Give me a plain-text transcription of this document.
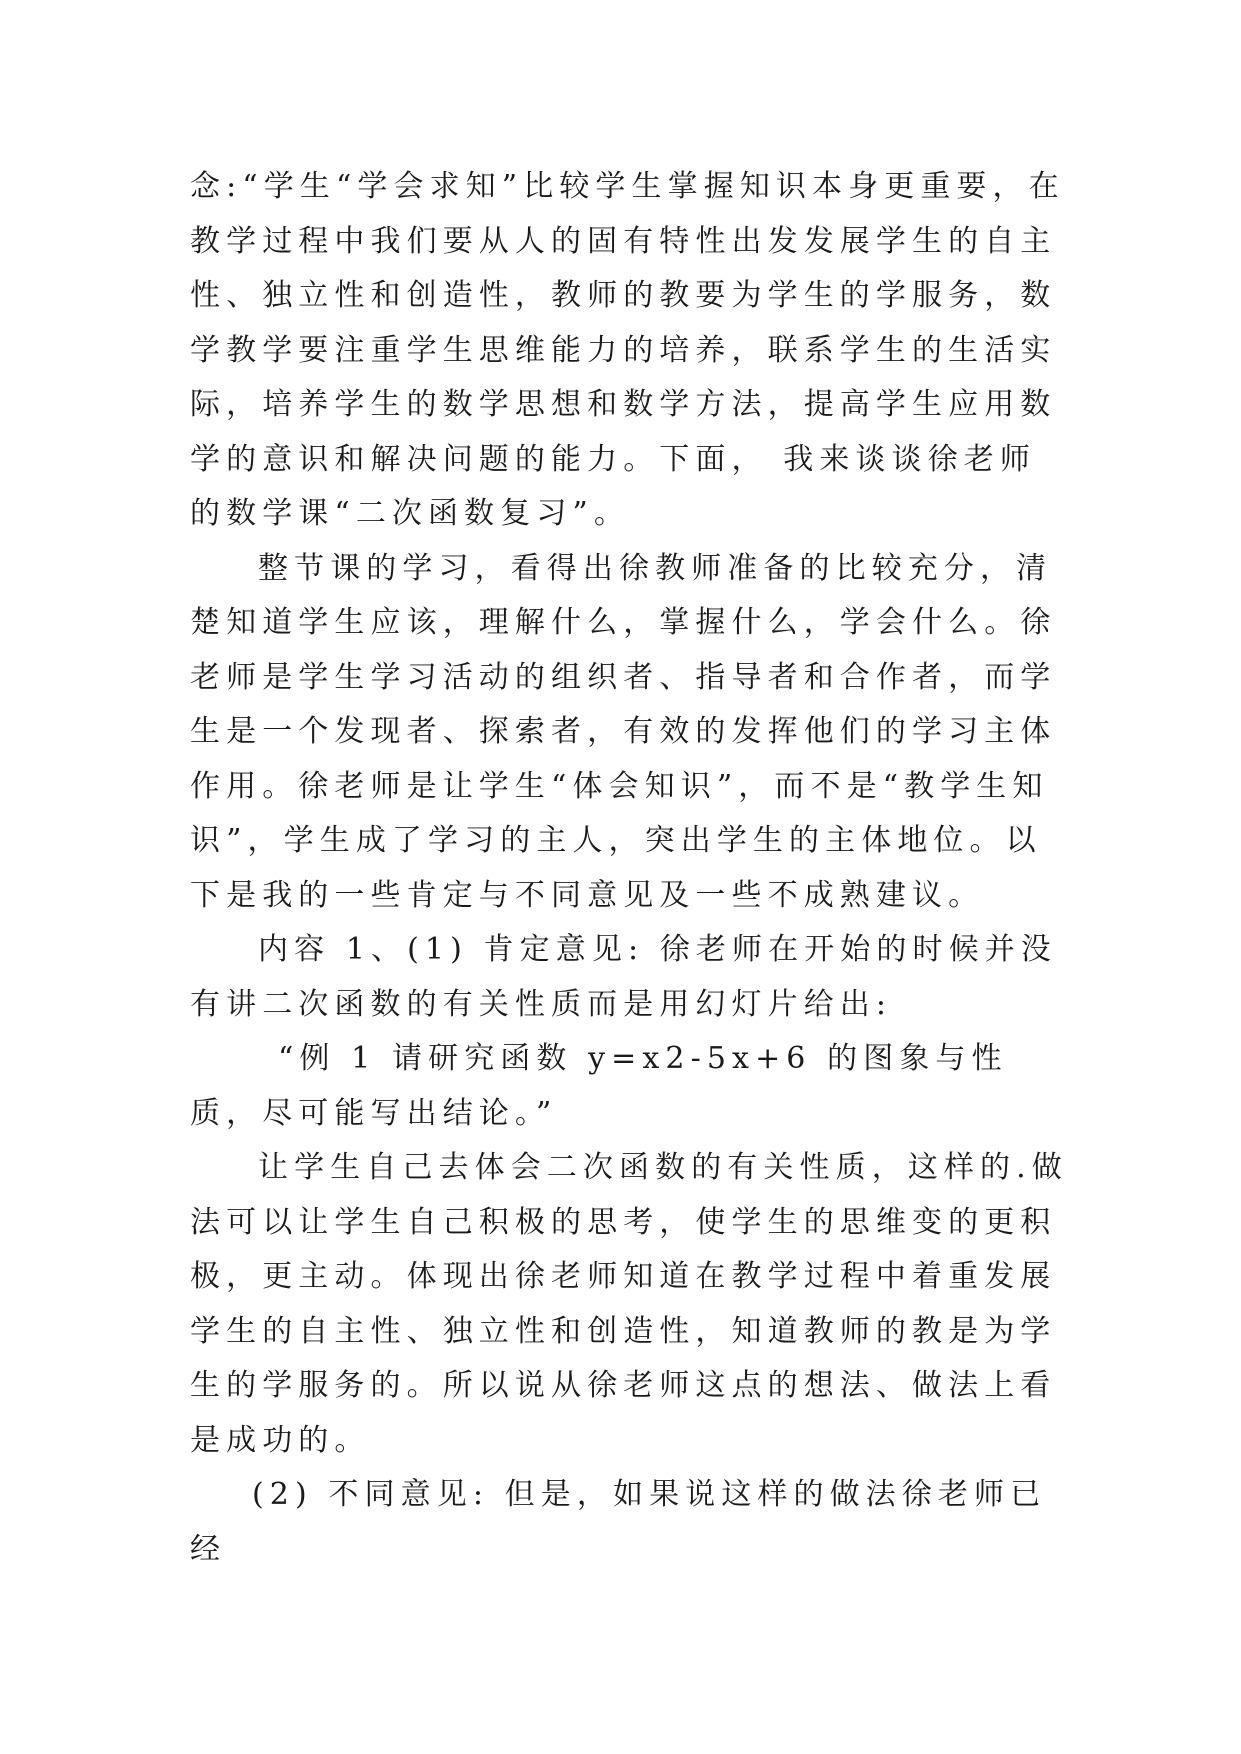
念:“学生“学会求知”比较学生掌握知识本身更重要，在教学过程中我们要从人的固有特性出发发展学生的自主性、独立性和创造性，教师的教要为学生的学服务，数学教学要注重学生思维能力的培养，联系学生的生活实际，培养学生的数学思想和数学方法，提高学生应用数学的意识和解决问题的能力。下面， 我来谈谈徐老师的数学课“二次函数复习”。

整节课的学习，看得出徐教师准备的比较充分，清楚知道学生应该，理解什么，掌握什么，学会什么。徐老师是学生学习活动的组织者、指导者和合作者，而学生是一个发现者、探索者，有效的发挥他们的学习主体作用。徐老师是让学生“体会知识”，而不是“教学生知识”，学生成了学习的主人，突出学生的主体地位。以下是我的一些肯定与不同意见及一些不成熟建议。

内容 1、(1) 肯定意见: 徐老师在开始的时候并没有讲二次函数的有关性质而是用幻灯片给出:

“例 1 请研究函数 y=x2-5x+6 的图象与性质，尽可能写出结论。”

让学生自己去体会二次函数的有关性质，这样的.做法可以让学生自己积极的思考，使学生的思维变的更积极，更主动。体现出徐老师知道在教学过程中着重发展学生的自主性、独立性和创造性，知道教师的教是为学生的学服务的。所以说从徐老师这点的想法、做法上看是成功的。

(2) 不同意见: 但是，如果说这样的做法徐老师已经
